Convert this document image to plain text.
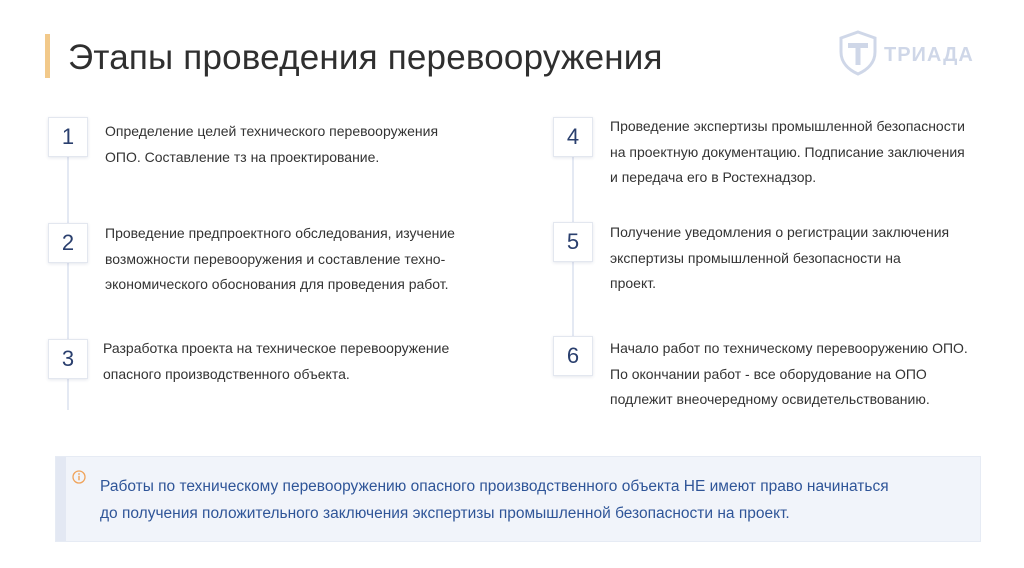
Этапы проведения перевооружения	ТРИАДА
1	Определение целей технического перевооружения
ОПО. Составление тз на проектирование.
2	Проведение предпроектного обследования, изучение
возможности перевооружения и составление техно-
экономического обоснования для проведения работ.
3	Разработка проекта на техническое перевооружение
опасного производственного объекта.
4	Проведение экспертизы промышленной безопасности
на проектную документацию. Подписание заключения
и передача его в Ростехнадзор.
5	Получение уведомления о регистрации заключения
экспертизы промышленной безопасности на
проект.
6	Начало работ по техническому перевооружению ОПО.
По окончании работ - все оборудование на ОПО
подлежит внеочередному освидетельствованию.
Работы по техническому перевооружению опасного производственного объекта НЕ имеют право начинаться
до получения положительного заключения экспертизы промышленной безопасности на проект.
